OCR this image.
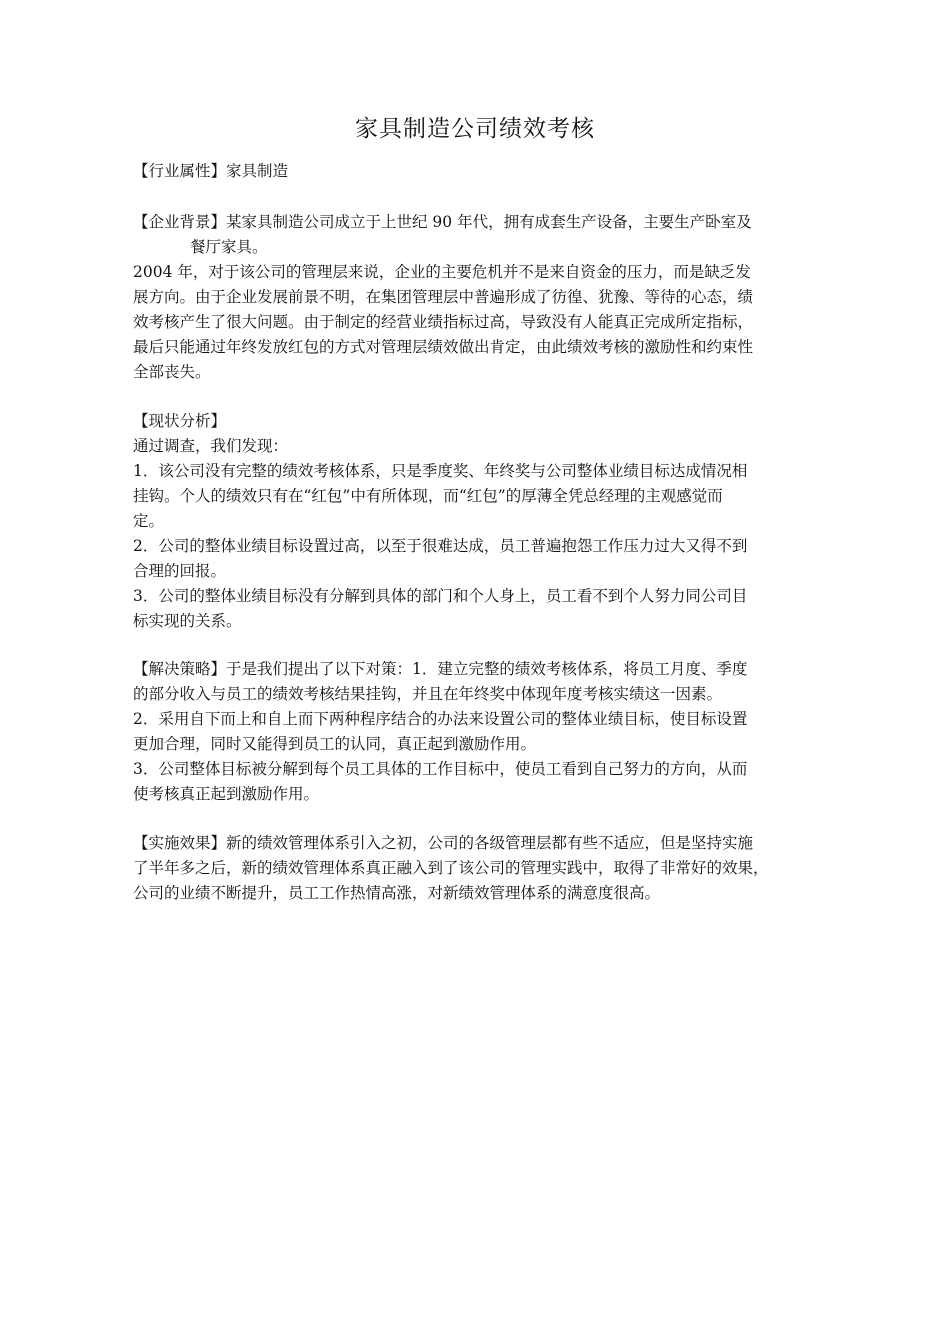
家具制造公司绩效考核
【行业属性】家具制造
【企业背景】某家具制造公司成立于上世纪 90 年代，拥有成套生产设备，主要生产卧室及
餐厅家具。
2004 年，对于该公司的管理层来说，企业的主要危机并不是来自资金的压力，而是缺乏发
展方向。由于企业发展前景不明，在集团管理层中普遍形成了彷徨、犹豫、等待的心态，绩
效考核产生了很大问题。由于制定的经营业绩指标过高，导致没有人能真正完成所定指标，
最后只能通过年终发放红包的方式对管理层绩效做出肯定，由此绩效考核的激励性和约束性
全部丧失。
【现状分析】
通过调查，我们发现：
1．该公司没有完整的绩效考核体系，只是季度奖、年终奖与公司整体业绩目标达成情况相
挂钩。个人的绩效只有在“红包”中有所体现，而“红包”的厚薄全凭总经理的主观感觉而
定。
2．公司的整体业绩目标设置过高，以至于很难达成，员工普遍抱怨工作压力过大又得不到
合理的回报。
3．公司的整体业绩目标没有分解到具体的部门和个人身上，员工看不到个人努力同公司目
标实现的关系。
【解决策略】于是我们提出了以下对策：1．建立完整的绩效考核体系，将员工月度、季度
的部分收入与员工的绩效考核结果挂钩，并且在年终奖中体现年度考核实绩这一因素。
2．采用自下而上和自上而下两种程序结合的办法来设置公司的整体业绩目标，使目标设置
更加合理，同时又能得到员工的认同，真正起到激励作用。
3．公司整体目标被分解到每个员工具体的工作目标中，使员工看到自己努力的方向，从而
使考核真正起到激励作用。
【实施效果】新的绩效管理体系引入之初，公司的各级管理层都有些不适应，但是坚持实施
了半年多之后，新的绩效管理体系真正融入到了该公司的管理实践中，取得了非常好的效果，
公司的业绩不断提升，员工工作热情高涨，对新绩效管理体系的满意度很高。
